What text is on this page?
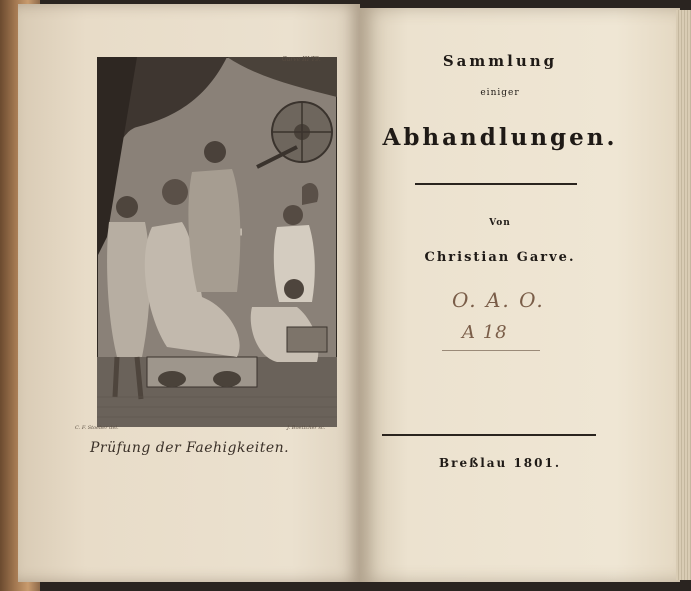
Garve III T9.
C. F. Stoeber del.	J. Boettcher sc.
Prüfung der Faehigkeiten.
Sammlung
einiger
Abhandlungen.
Von
Christian Garve.
O. A. O.
A 18
Breßlau 1801.
